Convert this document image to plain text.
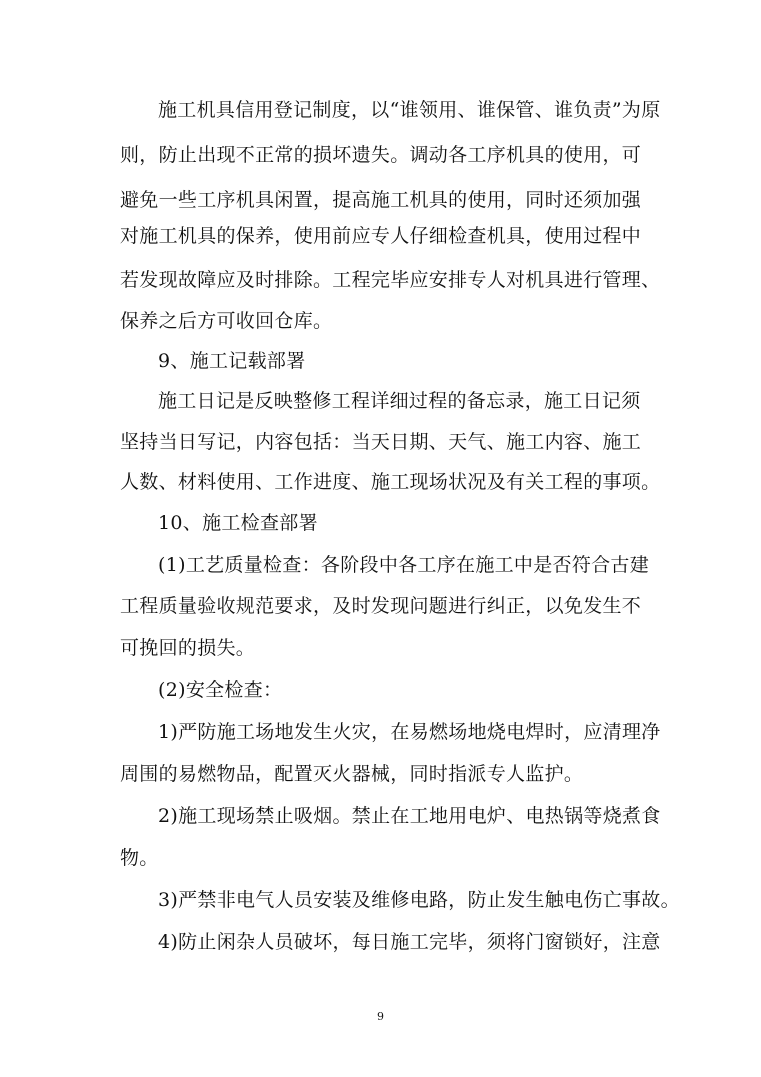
施工机具信用登记制度，以“谁领用、谁保管、谁负责”为原
则，防止出现不正常的损坏遗失。调动各工序机具的使用，可
避免一些工序机具闲置，提高施工机具的使用，同时还须加强
对施工机具的保养，使用前应专人仔细检查机具，使用过程中
若发现故障应及时排除。工程完毕应安排专人对机具进行管理、
保养之后方可收回仓库。
9、施工记载部署
施工日记是反映整修工程详细过程的备忘录，施工日记须
坚持当日写记，内容包括：当天日期、天气、施工内容、施工
人数、材料使用、工作进度、施工现场状况及有关工程的事项。
10、施工检查部署
(1)工艺质量检查：各阶段中各工序在施工中是否符合古建
工程质量验收规范要求，及时发现问题进行纠正，以免发生不
可挽回的损失。
(2)安全检查：
1)严防施工场地发生火灾，在易燃场地烧电焊时，应清理净
周围的易燃物品，配置灭火器械，同时指派专人监护。
2)施工现场禁止吸烟。禁止在工地用电炉、电热锅等烧煮食
物。
3)严禁非电气人员安装及维修电路，防止发生触电伤亡事故。
4)防止闲杂人员破坏，每日施工完毕，须将门窗锁好，注意
9
